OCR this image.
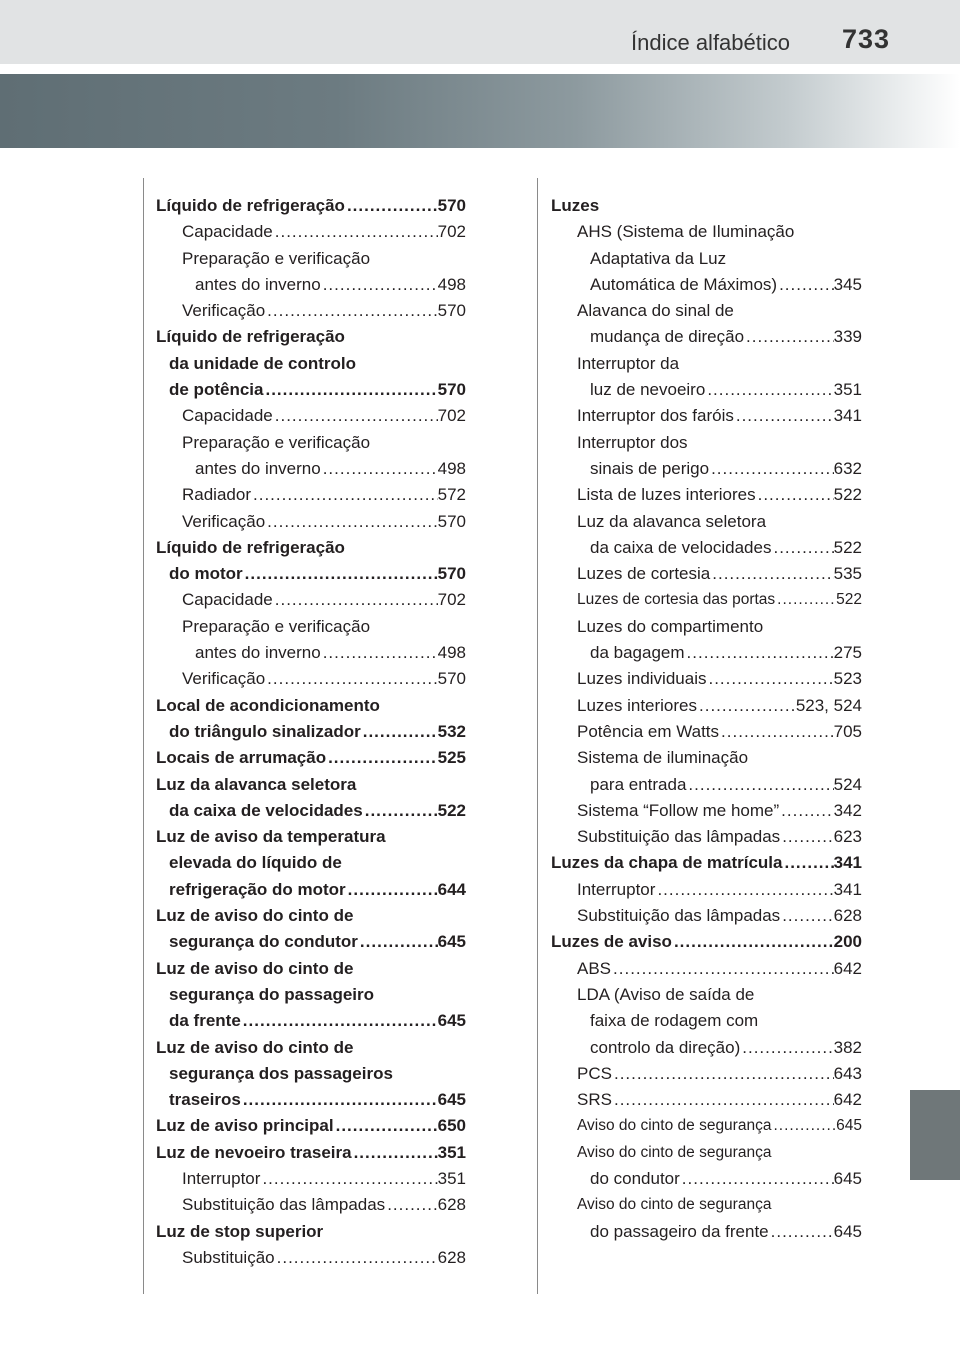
Índice alfabético 733
Líquido de refrigeração .....	570
Capacidade .....	702
Preparação e verificação
antes do inverno .....	498
Verificação .....	570
Líquido de refrigeração
da unidade de controlo
de potência .....	570
Capacidade .....	702
Preparação e verificação
antes do inverno .....	498
Radiador .....	572
Verificação .....	570
Líquido de refrigeração
do motor .....	570
Capacidade .....	702
Preparação e verificação
antes do inverno .....	498
Verificação .....	570
Local de acondicionamento
do triângulo sinalizador .....	532
Locais de arrumação .....	525
Luz da alavanca seletora
da caixa de velocidades .....	522
Luz de aviso da temperatura
elevada do líquido de
refrigeração do motor .....	644
Luz de aviso do cinto de
segurança do condutor .....	645
Luz de aviso do cinto de
segurança do passageiro
da frente .....	645
Luz de aviso do cinto de
segurança dos passageiros
traseiros .....	645
Luz de aviso principal .....	650
Luz de nevoeiro traseira .....	351
Interruptor .....	351
Substituição das lâmpadas .....	628
Luz de stop superior
Substituição .....	628
Luzes
AHS (Sistema de Iluminação
Adaptativa da Luz
Automática de Máximos) .....	345
Alavanca do sinal de
mudança de direção .....	339
Interruptor da
luz de nevoeiro .....	351
Interruptor dos faróis .....	341
Interruptor dos
sinais de perigo .....	632
Lista de luzes interiores .....	522
Luz da alavanca seletora
da caixa de velocidades .....	522
Luzes de cortesia .....	535
Luzes de cortesia das portas .....	522
Luzes do compartimento
da bagagem .....	275
Luzes individuais .....	523
Luzes interiores .....	523, 524
Potência em Watts .....	705
Sistema de iluminação
para entrada .....	524
Sistema “Follow me home” .....	342
Substituição das lâmpadas .....	623
Luzes da chapa de matrícula .....	341
Interruptor .....	341
Substituição das lâmpadas .....	628
Luzes de aviso .....	200
ABS .....	642
LDA (Aviso de saída de
faixa de rodagem com
controlo da direção) .....	382
PCS .....	643
SRS .....	642
Aviso do cinto de segurança .....	645
Aviso do cinto de segurança
do condutor .....	645
Aviso do cinto de segurança
do passageiro da frente .....	645
